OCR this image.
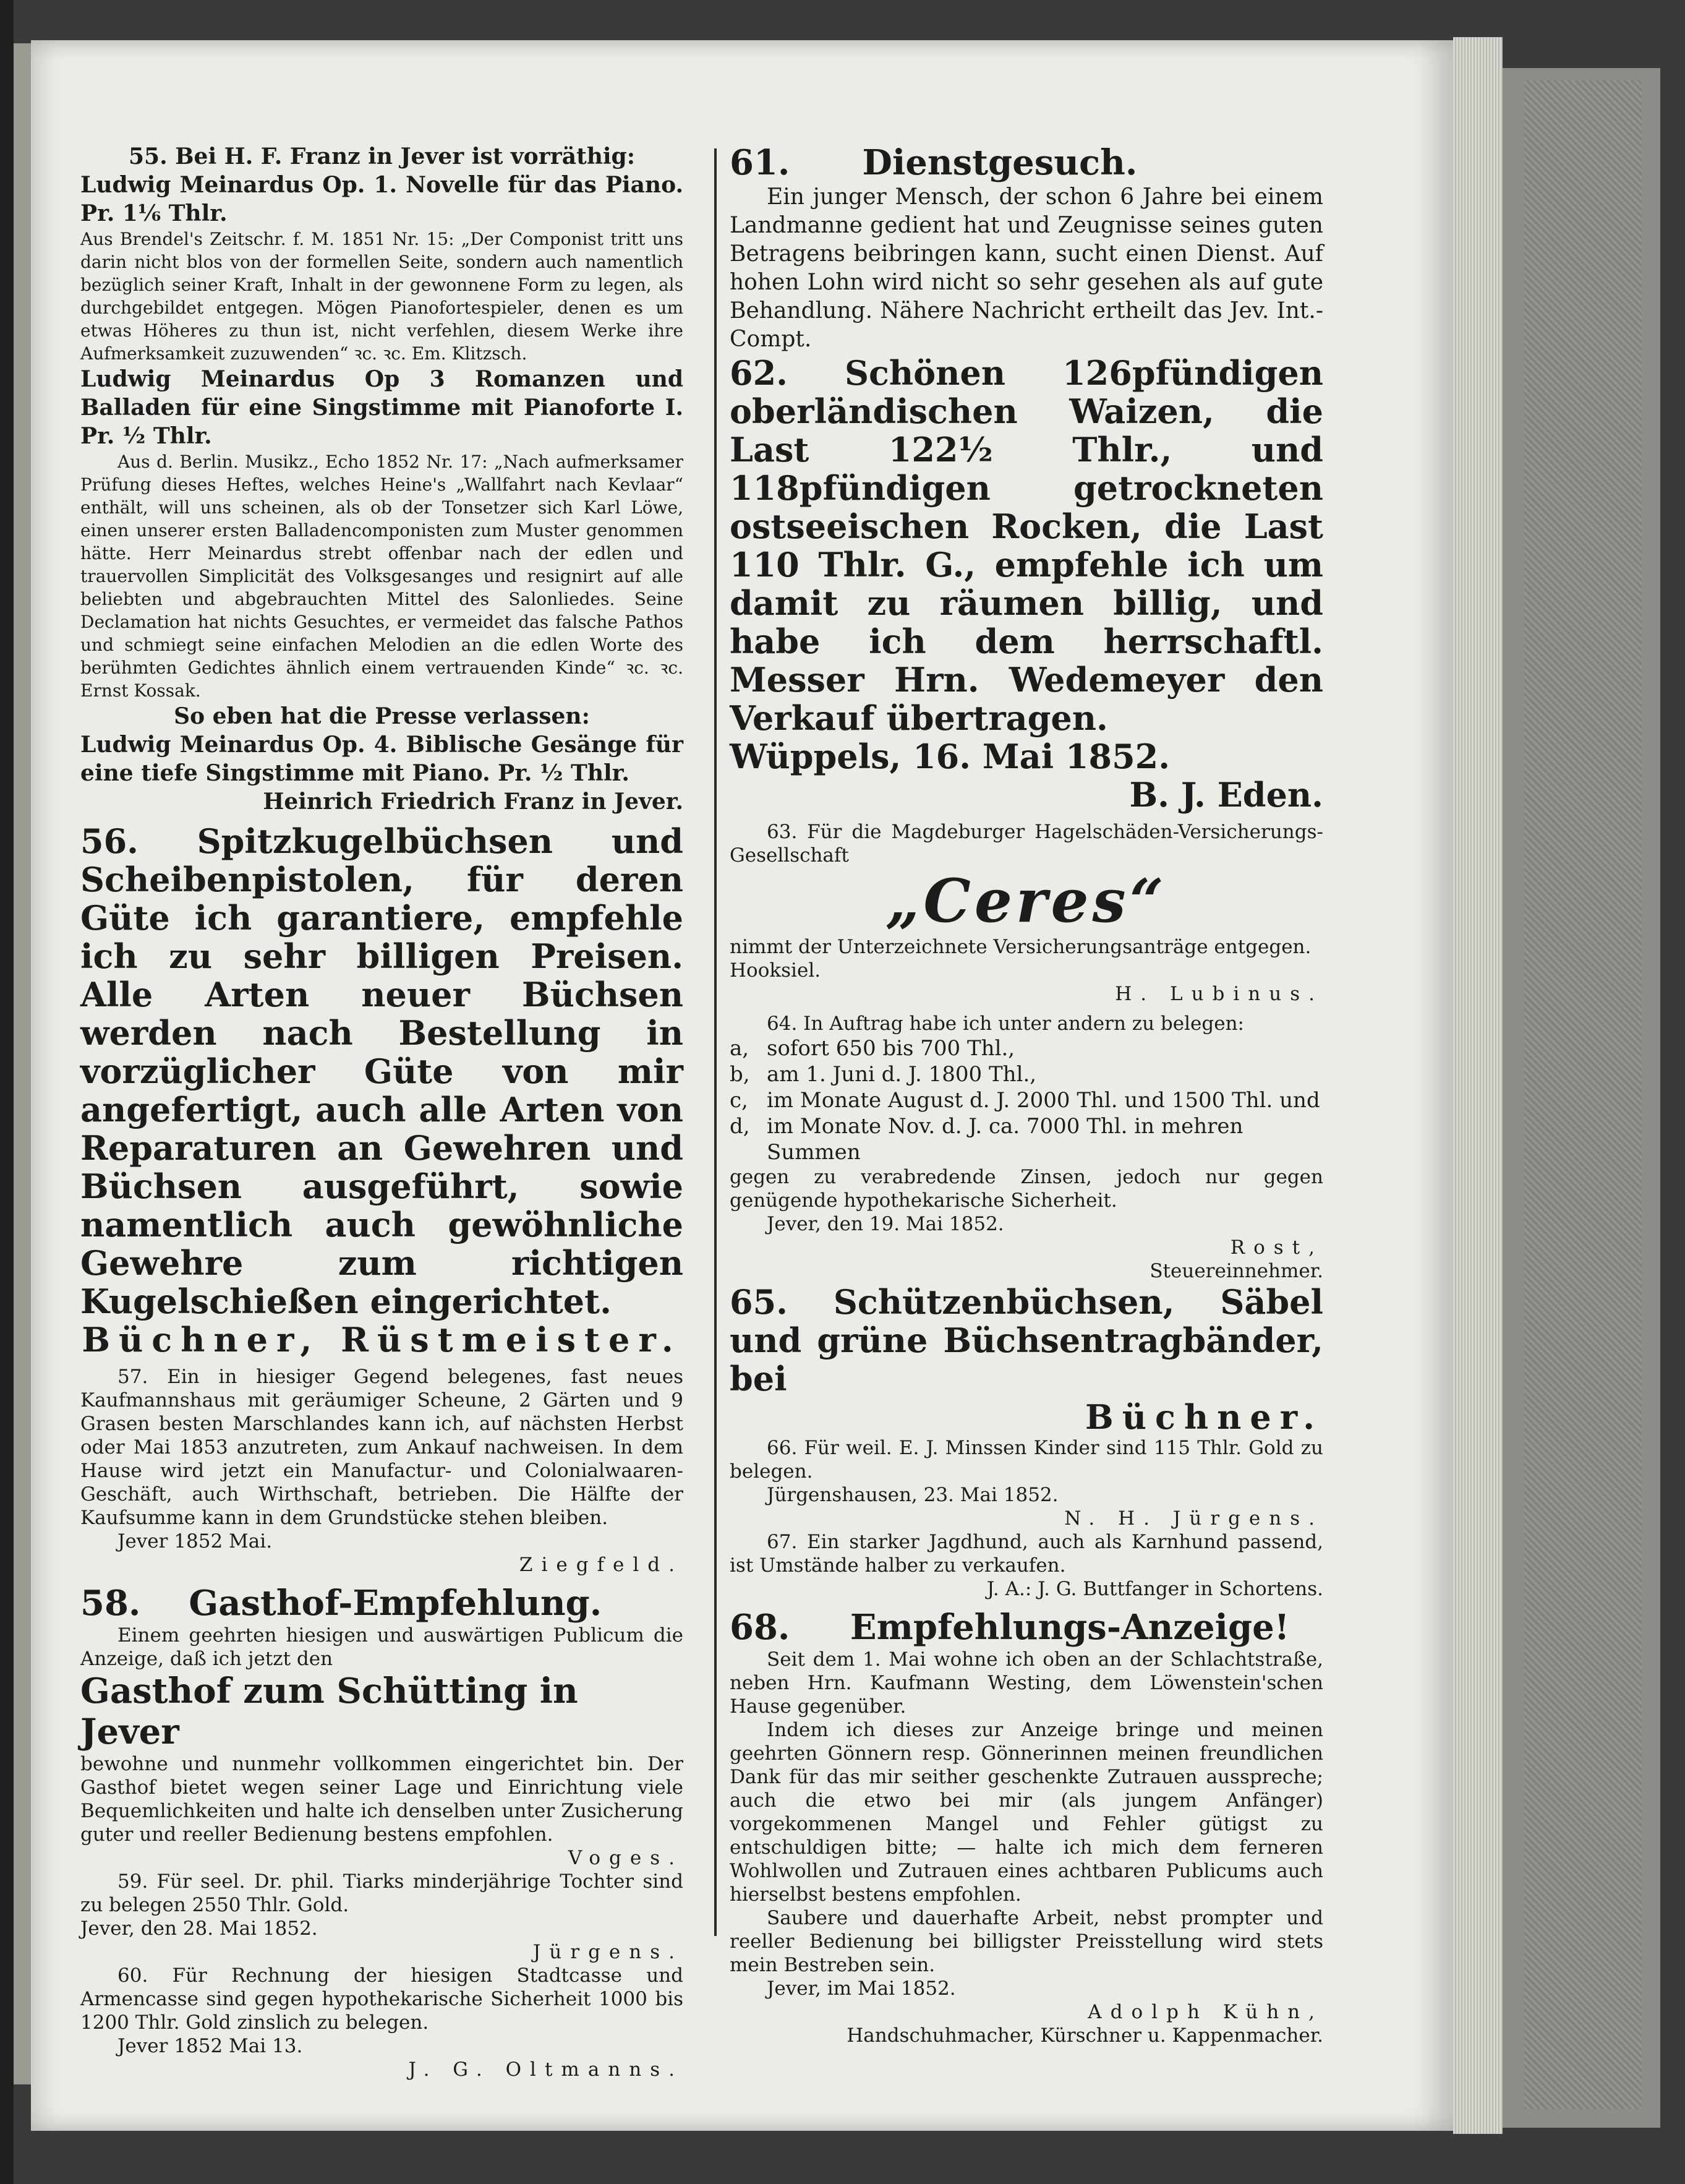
55. Bei H. F. Franz in Jever ist vorräthig:

Ludwig Meinardus Op. 1. Novelle für das Piano. Pr. 1⅙ Thlr.

Aus Brendel's Zeitschr. f. M. 1851 Nr. 15: „Der Componist tritt uns darin nicht blos von der formellen Seite, sondern auch namentlich bezüglich seiner Kraft, Inhalt in der gewonnene Form zu legen, als durchgebildet entgegen. Mögen Pianofortespieler, denen es um etwas Höheres zu thun ist, nicht verfehlen, diesem Werke ihre Aufmerksamkeit zuzuwenden“ ꝛc. ꝛc. Em. Klitzsch.

Ludwig Meinardus Op 3 Romanzen und Balladen für eine Singstimme mit Pianoforte I. Pr. ½ Thlr.

Aus d. Berlin. Musikz., Echo 1852 Nr. 17: „Nach aufmerksamer Prüfung dieses Heftes, welches Heine's „Wallfahrt nach Kevlaar“ enthält, will uns scheinen, als ob der Tonsetzer sich Karl Löwe, einen unserer ersten Balladencomponisten zum Muster genommen hätte. Herr Meinardus strebt offenbar nach der edlen und trauervollen Simplicität des Volksgesanges und resignirt auf alle beliebten und abgebrauchten Mittel des Salonliedes. Seine Declamation hat nichts Gesuchtes, er vermeidet das falsche Pathos und schmiegt seine einfachen Melodien an die edlen Worte des berühmten Gedichtes ähnlich einem vertrauenden Kinde“ ꝛc. ꝛc. Ernst Kossak.

So eben hat die Presse verlassen:

Ludwig Meinardus Op. 4. Biblische Gesänge für eine tiefe Singstimme mit Piano. Pr. ½ Thlr.

Heinrich Friedrich Franz in Jever.

56. Spitzkugelbüchsen und Scheibenpistolen, für deren Güte ich garantiere, empfehle ich zu sehr billigen Preisen. Alle Arten neuer Büchsen werden nach Bestellung in vorzüglicher Güte von mir angefertigt, auch alle Arten von Reparaturen an Gewehren und Büchsen ausgeführt, sowie namentlich auch gewöhnliche Gewehre zum richtigen Kugelschießen eingerichtet.

Büchner, Rüstmeister.

57. Ein in hiesiger Gegend belegenes, fast neues Kaufmannshaus mit geräumiger Scheune, 2 Gärten und 9 Grasen besten Marschlandes kann ich, auf nächsten Herbst oder Mai 1853 anzutreten, zum Ankauf nachweisen. In dem Hause wird jetzt ein Manufactur- und Colonialwaaren-Geschäft, auch Wirthschaft, betrieben. Die Hälfte der Kaufsumme kann in dem Grundstücke stehen bleiben.

Jever 1852 Mai.

Ziegfeld.

58. Gasthof-Empfehlung.

Einem geehrten hiesigen und auswärtigen Publicum die Anzeige, daß ich jetzt den

Gasthof zum Schütting in Jever

bewohne und nunmehr vollkommen eingerichtet bin. Der Gasthof bietet wegen seiner Lage und Einrichtung viele Bequemlichkeiten und halte ich denselben unter Zusicherung guter und reeller Bedienung bestens empfohlen.

Voges.

59. Für seel. Dr. phil. Tiarks minderjährige Tochter sind zu belegen 2550 Thlr. Gold.

Jever, den 28. Mai 1852.

Jürgens.

60. Für Rechnung der hiesigen Stadtcasse und Armencasse sind gegen hypothekarische Sicherheit 1000 bis 1200 Thlr. Gold zinslich zu belegen.

Jever 1852 Mai 13.

J. G. Oltmanns.

61. Dienstgesuch.

Ein junger Mensch, der schon 6 Jahre bei einem Landmanne gedient hat und Zeugnisse seines guten Betragens beibringen kann, sucht einen Dienst. Auf hohen Lohn wird nicht so sehr gesehen als auf gute Behandlung. Nähere Nachricht ertheilt das Jev. Int.-Compt.

62. Schönen 126pfündigen oberländischen Waizen, die Last 122½ Thlr., und 118pfündigen getrockneten ostseeischen Rocken, die Last 110 Thlr. G., empfehle ich um damit zu räumen billig, und habe ich dem herrschaftl. Messer Hrn. Wedemeyer den Verkauf übertragen.

Wüppels, 16. Mai 1852.

B. J. Eden.

63. Für die Magdeburger Hagelschäden-Versicherungs-Gesellschaft

„Ceres“

nimmt der Unterzeichnete Versicherungsanträge entgegen.

Hooksiel.

H. Lubinus.

64. In Auftrag habe ich unter andern zu belegen:

a, sofort 650 bis 700 Thl.,
b, am 1. Juni d. J. 1800 Thl.,
c, im Monate August d. J. 2000 Thl. und 1500 Thl. und
d, im Monate Nov. d. J. ca. 7000 Thl. in mehren Summen

gegen zu verabredende Zinsen, jedoch nur gegen genügende hypothekarische Sicherheit.

Jever, den 19. Mai 1852.

Rost,

Steuereinnehmer.

65. Schützenbüchsen, Säbel und grüne Büchsentragbänder, bei

Büchner.

66. Für weil. E. J. Minssen Kinder sind 115 Thlr. Gold zu belegen.

Jürgenshausen, 23. Mai 1852.

N. H. Jürgens.

67. Ein starker Jagdhund, auch als Karnhund passend, ist Umstände halber zu verkaufen.

J. A.: J. G. Buttfanger in Schortens.

68. Empfehlungs-Anzeige!

Seit dem 1. Mai wohne ich oben an der Schlachtstraße, neben Hrn. Kaufmann Westing, dem Löwenstein'schen Hause gegenüber.

Indem ich dieses zur Anzeige bringe und meinen geehrten Gönnern resp. Gönnerinnen meinen freundlichen Dank für das mir seither geschenkte Zutrauen ausspreche; auch die etwo bei mir (als jungem Anfänger) vorgekommenen Mangel und Fehler gütigst zu entschuldigen bitte; — halte ich mich dem ferneren Wohlwollen und Zutrauen eines achtbaren Publicums auch hierselbst bestens empfohlen.

Saubere und dauerhafte Arbeit, nebst prompter und reeller Bedienung bei billigster Preisstellung wird stets mein Bestreben sein.

Jever, im Mai 1852.

Adolph Kühn,

Handschuhmacher, Kürschner u. Kappenmacher.
